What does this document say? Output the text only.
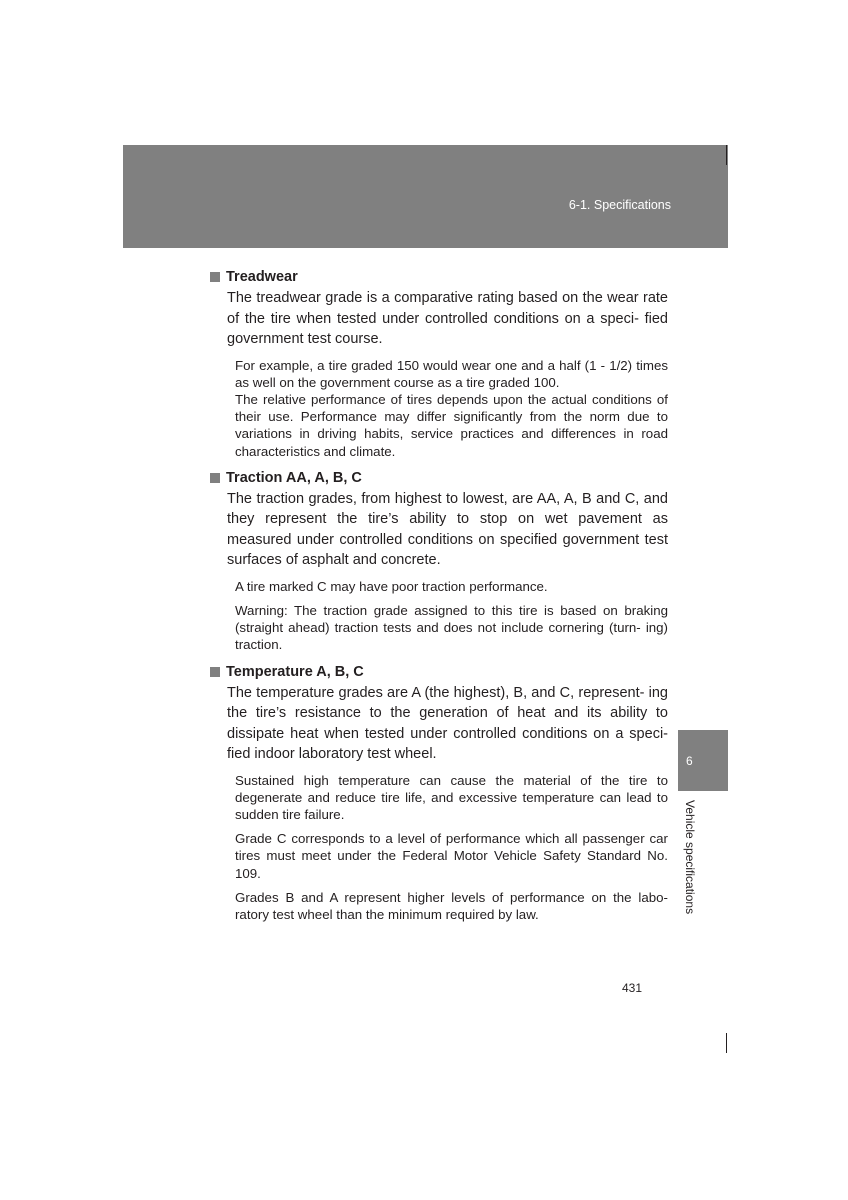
6-1. Specifications
6
Vehicle specifications

Treadwear

The treadwear grade is a comparative rating based on the wear rate of the tire when tested under controlled conditions on a speci- fied government test course.

For example, a tire graded 150 would wear one and a half (1 - 1/2) times as well on the government course as a tire graded 100.

The relative performance of tires depends upon the actual conditions of their use. Performance may differ significantly from the norm due to variations in driving habits, service practices and differences in road characteristics and climate.

Traction AA, A, B, C

The traction grades, from highest to lowest, are AA, A, B and C, and they represent the tire’s ability to stop on wet pavement as measured under controlled conditions on specified government test surfaces of asphalt and concrete.

A tire marked C may have poor traction performance.

Warning: The traction grade assigned to this tire is based on braking (straight ahead) traction tests and does not include cornering (turn- ing) traction.

Temperature A, B, C

The temperature grades are A (the highest), B, and C, represent- ing the tire’s resistance to the generation of heat and its ability to dissipate heat when tested under controlled conditions on a speci- fied indoor laboratory test wheel.

Sustained high temperature can cause the material of the tire to degenerate and reduce tire life, and excessive temperature can lead to sudden tire failure.

Grade C corresponds to a level of performance which all passenger car tires must meet under the Federal Motor Vehicle Safety Standard No. 109.

Grades B and A represent higher levels of performance on the labo- ratory test wheel than the minimum required by law.

431
